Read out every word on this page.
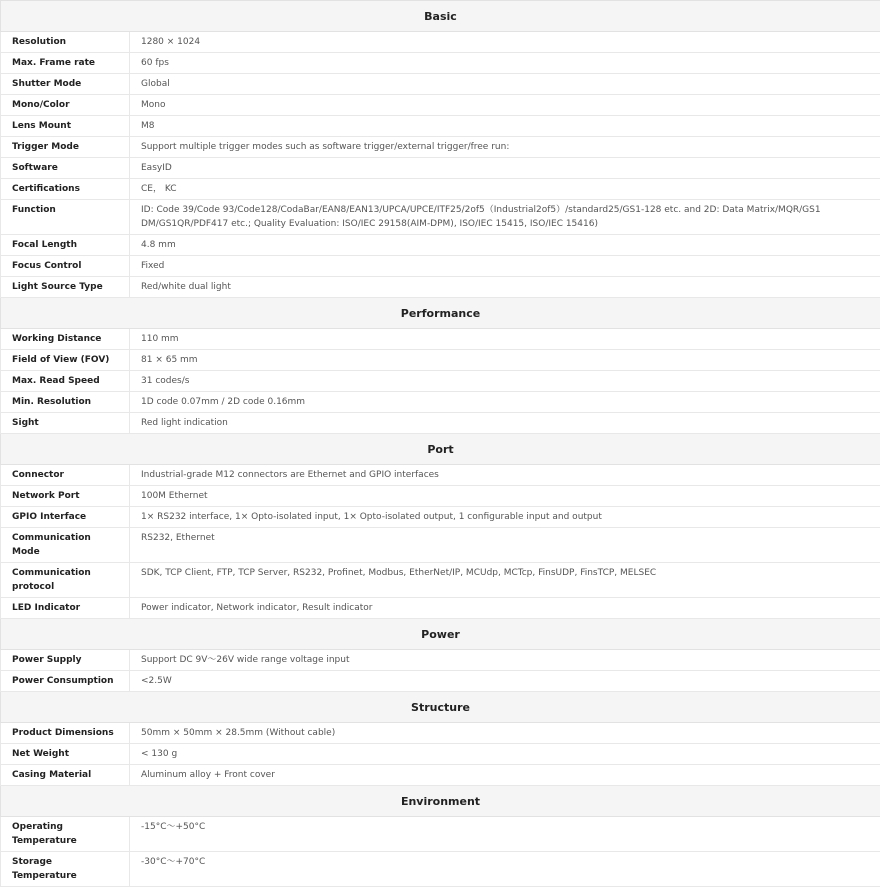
Basic	
Resolution	1280 × 1024
Max. Frame rate	60 fps
Shutter Mode	Global
Mono/Color	Mono
Lens Mount	M8
Trigger Mode	Support multiple trigger modes such as software trigger/external trigger/free run:
Software	EasyID
Certifications	CE， KC
Function	ID: Code 39/Code 93/Code128/CodaBar/EAN8/EAN13/UPCA/UPCE/ITF25/2of5（Industrial2of5）/standard25/GS1-128 etc. and 2D: Data Matrix/MQR/GS1 DM/GS1QR/PDF417 etc.; Quality Evaluation: ISO/IEC 29158(AIM-DPM), ISO/IEC 15415, ISO/IEC 15416)
Focal Length	4.8 mm
Focus Control	Fixed
Light Source Type	Red/white dual light
Performance	
Working Distance	110 mm
Field of View (FOV)	81 × 65 mm
Max. Read Speed	31 codes/s
Min. Resolution	1D code 0.07mm / 2D code 0.16mm
Sight	Red light indication
Port	
Connector	Industrial-grade M12 connectors are Ethernet and GPIO interfaces
Network Port	100M Ethernet
GPIO Interface	1× RS232 interface, 1× Opto-isolated input, 1× Opto-isolated output, 1 configurable input and output
Communication Mode	RS232, Ethernet
Communication protocol	SDK, TCP Client, FTP, TCP Server, RS232, Profinet, Modbus, EtherNet/IP, MCUdp, MCTcp, FinsUDP, FinsTCP, MELSEC
LED Indicator	Power indicator, Network indicator, Result indicator
Power	
Power Supply	Support DC 9V～26V wide range voltage input
Power Consumption	<2.5W
Structure	
Product Dimensions	50mm × 50mm × 28.5mm (Without cable)
Net Weight	< 130 g
Casing Material	Aluminum alloy + Front cover
Environment	
Operating Temperature	-15°C～+50°C
Storage Temperature	-30°C～+70°C
